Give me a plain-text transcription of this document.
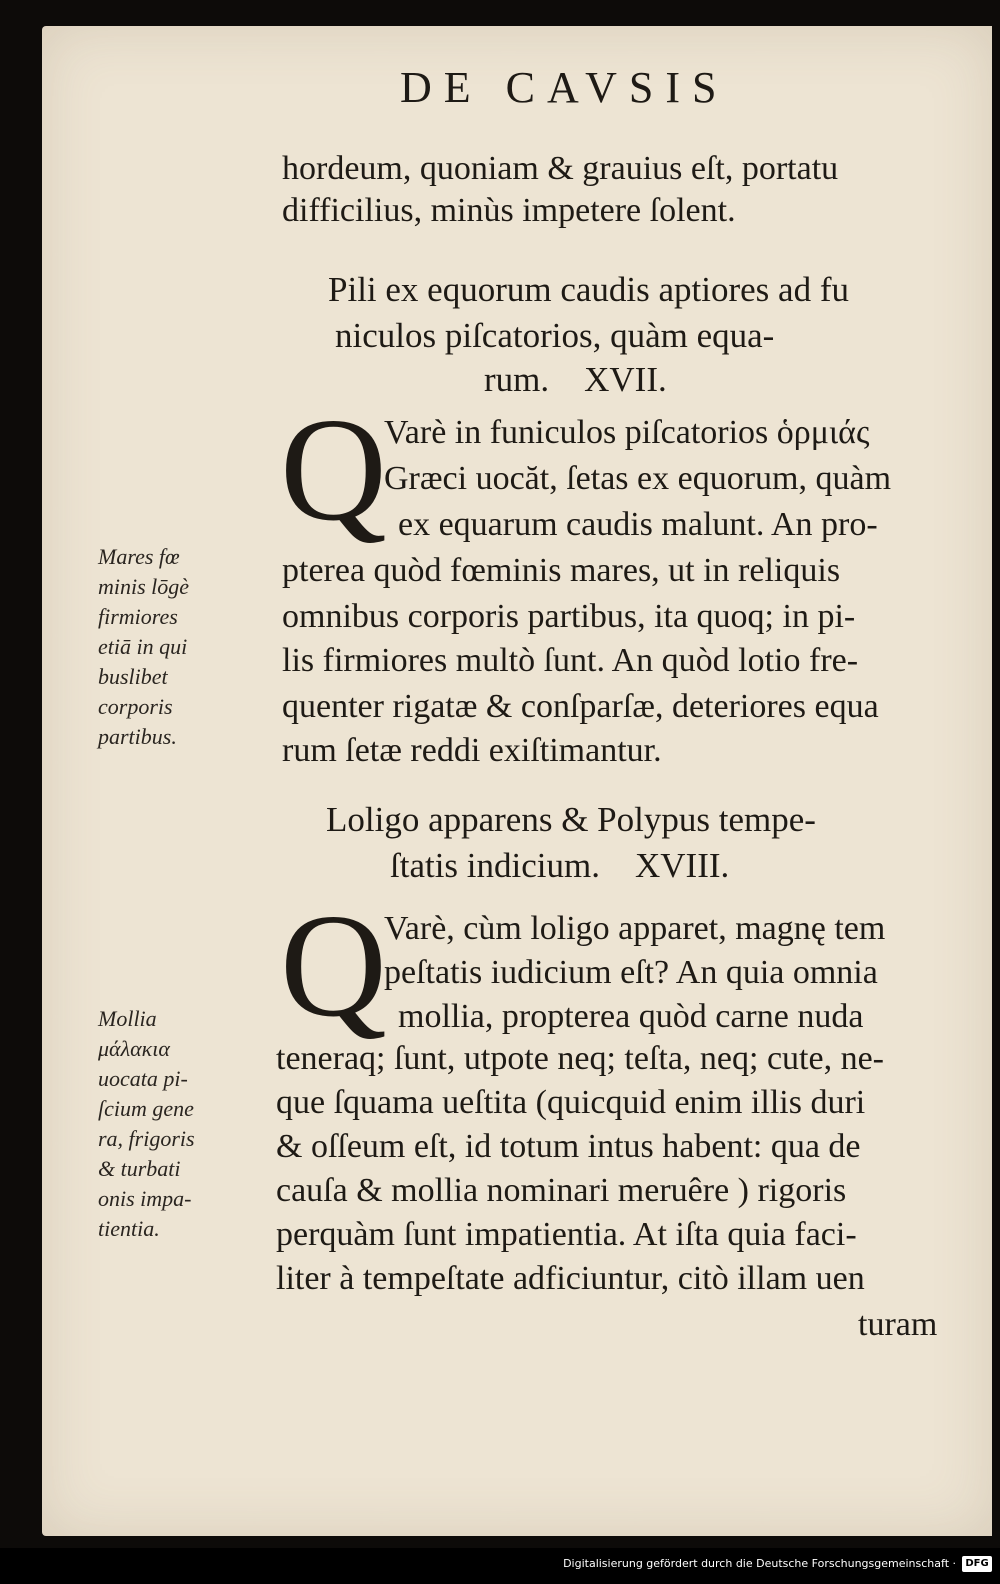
DE CAVSIS
hordeum, quoniam & grauius eſt, portatu
difficilius, minùs impetere ſolent.
Pili ex equorum caudis aptiores ad fu
niculos piſcatorios, quàm equa-
rum.    XVII.
Q
Varè in funiculos piſcatorios ὁρμιάς
Græci uocăt, ſetas ex equorum, quàm
ex equarum caudis malunt. An pro-
pterea quòd fœminis mares, ut in reliquis
omnibus corporis partibus, ita quoq; in pi-
lis firmiores multò ſunt. An quòd lotio fre-
quenter rigatæ & conſparſæ, deteriores equa
rum ſetæ reddi exiſtimantur.
Mares fœ
minis lōgè
firmiores
etiā in qui
buslibet
corporis
partibus.
Loligo apparens & Polypus tempe-
ſtatis indicium.    XVIII.
Q
Varè, cùm loligo apparet, magnę tem
peſtatis iudicium eſt? An quia omnia
mollia, propterea quòd carne nuda
teneraq; ſunt, utpote neq; teſta, neq; cute, ne-
que ſquama ueſtita (quicquid enim illis duri
& oſſeum eſt, id totum intus habent: qua de
cauſa & mollia nominari meruêre ) rigoris
perquàm ſunt impatientia. At iſta quia faci-
liter à tempeſtate adficiuntur, citò illam uen
turam
Mollia
μάλακια
uocata pi-
ſcium gene
ra, frigoris
& turbati
onis impa-
tientia.
Digitalisierung gefördert durch die Deutsche Forschungsgemeinschaft · DFG
